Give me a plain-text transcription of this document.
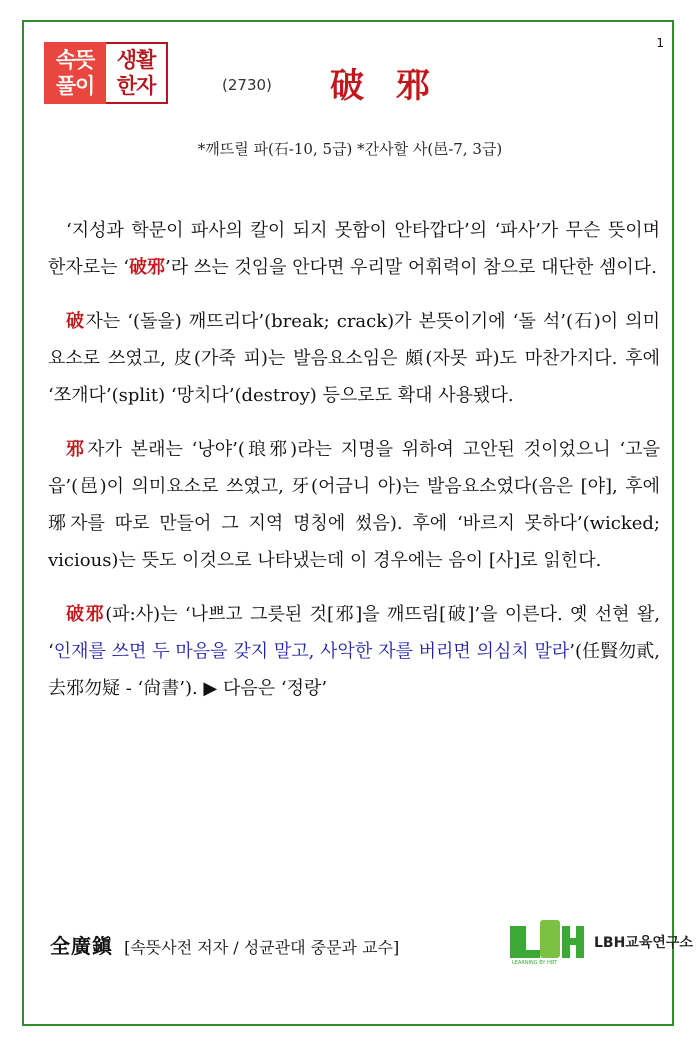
1
속뜻
풀이
생활
한자	(2730) 破 邪
*깨뜨릴 파(石-10, 5급) *간사할 사(邑-7, 3급)

‘지성과 학문이 파사의 칼이 되지 못함이 안타깝다’의 ‘파사’가 무슨 뜻이며 한자로는 ‘破邪’라 쓰는 것임을 안다면 우리말 어휘력이 참으로 대단한 셈이다.

破자는 ‘(돌을) 깨뜨리다’(break; crack)가 본뜻이기에 ‘돌 석’(石)이 의미요소로 쓰였고, 皮(가죽 피)는 발음요소임은 頗(자못 파)도 마찬가지다. 후에 ‘쪼개다’(split) ‘망치다’(destroy) 등으로도 확대 사용됐다.

邪자가 본래는 ‘낭야’(琅邪)라는 지명을 위하여 고안된 것이었으니 ‘고을 읍’(邑)이 의미요소로 쓰였고, 牙(어금니 아)는 발음요소였다(음은 [야], 후에 琊자를 따로 만들어 그 지역 명칭에 썼음). 후에 ‘바르지 못하다’(wicked; vicious)는 뜻도 이것으로 나타냈는데 이 경우에는 음이 [사]로 읽힌다.

破邪(파:사)는 ‘나쁘고 그릇된 것[邪]을 깨뜨림[破]’을 이른다. 옛 선현 왈, ‘인재를 쓰면 두 마음을 갖지 말고, 사악한 자를 버리면 의심치 말라’(任賢勿貳, 去邪勿疑 - ‘尙書’). ▶ 다음은 ‘정랑’

全廣鎭 [속뜻사전 저자 / 성균관대 중문과 교수]
LEARNING BY HBT
LBH교육연구소
